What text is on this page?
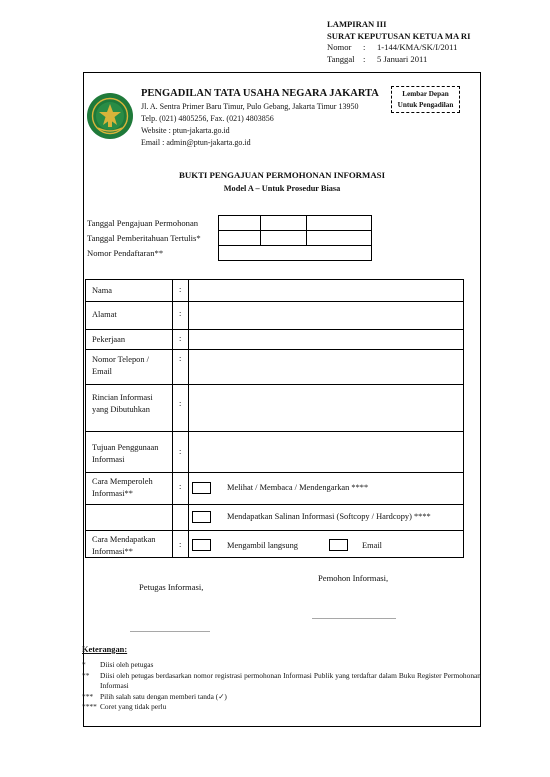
LAMPIRAN III
SURAT KEPUTUSAN KETUA MA RI
Nomor : 1-144/KMA/SK/I/2011
Tanggal : 5 Januari 2011
PENGADILAN TATA USAHA NEGARA JAKARTA
Jl. A. Sentra Primer Baru Timur, Pulo Gebang, Jakarta Timur 13950
Telp. (021) 4805256, Fax. (021) 4803856
Website : ptun-jakarta.go.id
Email : admin@ptun-jakarta.go.id
Lembar Depan
Untuk Pengadilan
BUKTI PENGAJUAN PERMOHONAN INFORMASI
Model A – Untuk Prosedur Biasa
Tanggal Pengajuan Permohonan
Tanggal Pemberitahuan Tertulis*
Nomor Pendaftaran**
Nama	:
Alamat	:
Pekerjaan	:
Nomor Telepon /
Email
:
Rincian Informasi
yang Dibutuhkan
:
Tujuan Penggunaan
Informasi
:
Cara Memperoleh
Informasi**
:	Melihat / Membaca / Mendengarkan ****
Mendapatkan Salinan Informasi (Softcopy / Hardcopy) ****
Cara Mendapatkan
Informasi**
:	Mengambil langsung	Email
Pemohon Informasi,
Petugas Informasi,
..........................................
........................................
Keterangan:
*	Diisi oleh petugas
**	Diisi oleh petugas berdasarkan nomor registrasi permohonan Informasi Publik yang terdaftar dalam Buku Register Permohonan Informasi
*** Pilih salah satu dengan memberi tanda (✓)
**** Coret yang tidak perlu
